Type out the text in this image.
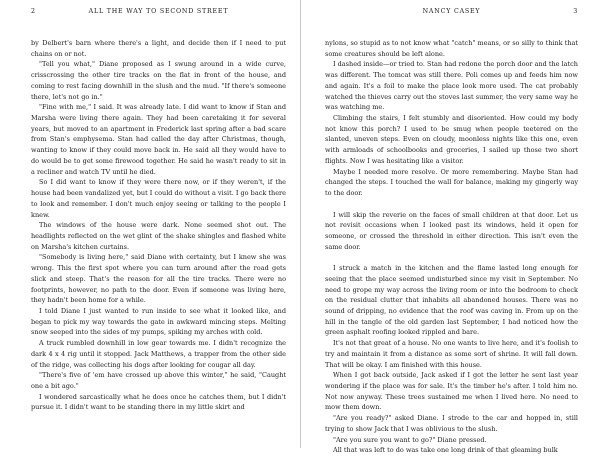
2	ALL THE WAY TO SECOND STREET

by Delbert's barn where there's a light, and decide then if I need to put chains on or not.

"Tell you what," Diane proposed as I swung around in a wide curve, crisscrossing the other tire tracks on the flat in front of the house, and coming to rest facing downhill in the slush and the mud. "If there's someone there, let's not go in."

"Fine with me," I said. It was already late. I did want to know if Stan and Marsha were living there again. They had been caretaking it for several years, but moved to an apartment in Frederick last spring after a bad scare from Stan's emphysema. Stan had called the day after Christmas, though, wanting to know if they could move back in. He said all they would have to do would be to get some firewood together. He said he wasn't ready to sit in a recliner and watch TV until he died.

So I did want to know if they were there now, or if they weren't, if the house had been vandalized yet, but I could do without a visit. I go back there to look and remember. I don't much enjoy seeing or talking to the people I knew.

The windows of the house were dark. None seemed shot out. The headlights reflected on the wet glint of the shake shingles and flashed white on Marsha's kitchen curtains.

"Somebody is living here," said Diane with certainty, but I knew she was wrong. This the first spot where you can turn around after the road gets slick and steep. That's the reason for all the tire tracks. There were no footprints, however, no path to the door. Even if someone was living here, they hadn't been home for a while.

I told Diane I just wanted to run inside to see what it looked like, and began to pick my way towards the gate in awkward mincing steps. Melting snow seeped into the sides of my pumps, spiking my arches with cold.

A truck rumbled downhill in low gear towards me. I didn't recognize the dark 4 x 4 rig until it stopped. Jack Matthews, a trapper from the other side of the ridge, was collecting his dogs after looking for cougar all day.

"There's five of 'em have crossed up above this winter," he said, "Caught one a bit ago."

I wondered sarcastically what he does once he catches them, but I didn't pursue it. I didn't want to be standing there in my little skirt and

NANCY CASEY	3

nylons, so stupid as to not know what "catch" means, or so silly to think that some creatures should be left alone.

I dashed inside—or tried to. Stan had redone the porch door and the latch was different. The tomcat was still there. Poli comes up and feeds him now and again. It's a foil to make the place look more used. The cat probably watched the thieves carry out the stoves last summer, the very same way he was watching me.

Climbing the stairs, I felt stumbly and disoriented. How could my body not know this porch? I used to be smug when people teetered on the slanted, uneven steps. Even on cloudy, moonless nights like this one, even with armloads of schoolbooks and groceries, I sailed up those two short flights. Now I was hesitating like a visitor.

Maybe I needed more resolve. Or more remembering. Maybe Stan had changed the steps. I touched the wall for balance, making my gingerly way to the door.

I will skip the reverie on the faces of small children at that door. Let us not revisit occasions when I looked past its windows, held it open for someone, or crossed the threshold in either direction. This isn't even the same door.

I struck a match in the kitchen and the flame lasted long enough for seeing that the place seemed undisturbed since my visit in September. No need to grope my way across the living room or into the bedroom to check on the residual clutter that inhabits all abandoned houses. There was no sound of dripping, no evidence that the roof was caving in. From up on the hill in the tangle of the old garden last September, I had noticed how the green asphalt roofing looked rippled and bare.

It's not that great of a house. No one wants to live here, and it's foolish to try and maintain it from a distance as some sort of shrine. It will fall down. That will be okay. I am finished with this house.

When I got back outside, Jack asked if I got the letter he sent last year wondering if the place was for sale. It's the timber he's after. I told him no. Not now anyway. These trees sustained me when I lived here. No need to mow them down.

"Are you ready?" asked Diane. I strode to the car and hopped in, still trying to show Jack that I was oblivious to the slush.

"Are you sure you want to go?" Diane pressed.

All that was left to do was take one long drink of that gleaming bulk
